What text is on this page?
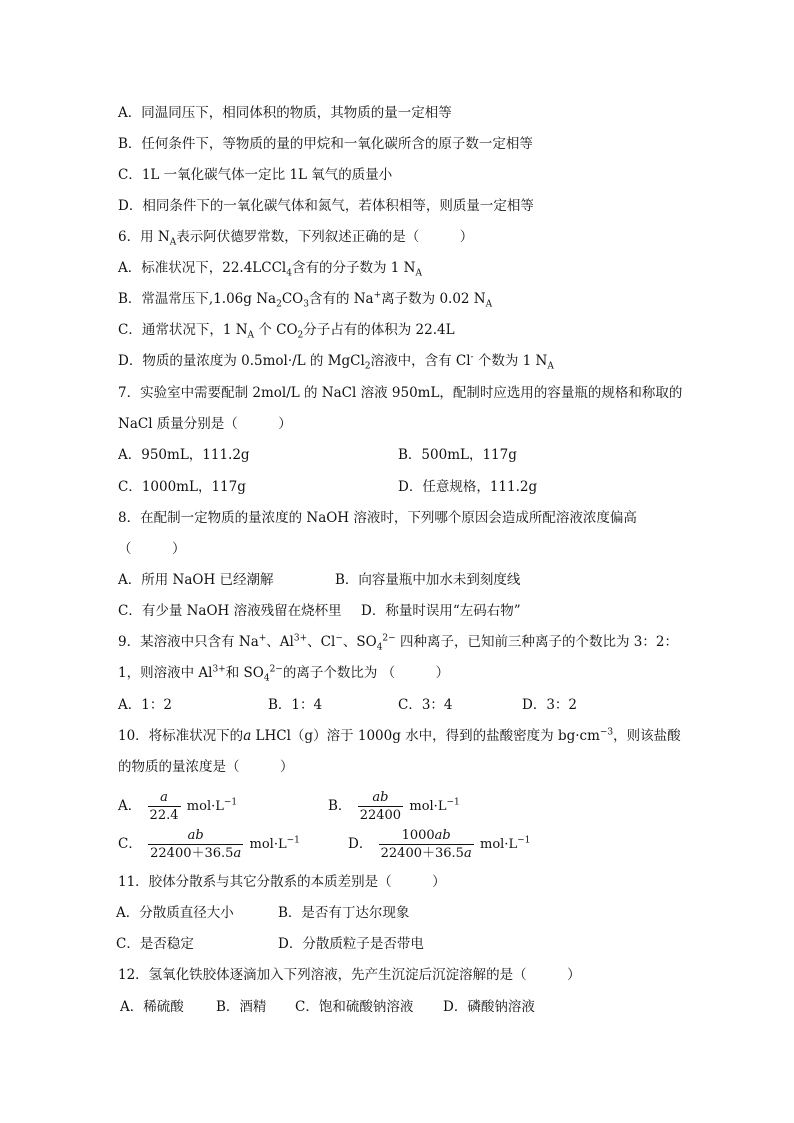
A．同温同压下，相同体积的物质，其物质的量一定相等
B．任何条件下，等物质的量的甲烷和一氧化碳所含的原子数一定相等
C．1L 一氧化碳气体一定比 1L 氧气的质量小
D．相同条件下的一氧化碳气体和氮气，若体积相等，则质量一定相等
6．用 $N_A$表示阿伏德罗常数，下列叙述正确的是（　　　）
A．标准状况下，22.4LCCl$_4$含有的分子数为 1 $N_A$
B．常温常压下,1.06g $Na_2CO_3$含有的 Na+离子数为 0.02 $N_A$
C．通常状况下，1 $N_A$ 个 $CO_2$分子占有的体积为 22.4L
D．物质的量浓度为 0.5mol·/L 的 MgCl$_2$溶液中，含有 Cl- 个数为 1 $N_A$
7．实验室中需要配制 2mol/L 的 NaCl 溶液 950mL，配制时应选用的容量瓶的规格和称取的
NaCl 质量分别是（　　　）
A．950mL，111.2g	B．500mL，117g
C．1000mL，117g	D．任意规格，111.2g
8．在配制一定物质的量浓度的 NaOH 溶液时，下列哪个原因会造成所配溶液浓度偏高
（　　　）
A．所用 NaOH 已经潮解	B．向容量瓶中加水未到刻度线
C．有少量 NaOH 溶液残留在烧杯里 D．称量时误用“左码右物”
9．某溶液中只含有 Na+、$Al^{3+}$、Cl−、$SO_4^{2-}$ 四种离子，已知前三种离子的个数比为 3：2：
1，则溶液中 $Al^{3+}$和 $SO_4^{2-}$的离子个数比为 （　　　）
A．1：2	B．1：4	C．3：4	D．3：2
10．将标准状况下的a LHCl（g）溶于 1000g 水中，得到的盐酸密度为 $bg\cdot cm^{-3}$，则该盐酸
的物质的量浓度是（　　　）
A． $\frac{a}{22.4} mol\cdot L^{-1}$	B． $\frac{ab}{22400} mol\cdot L^{-1}$
C． $\frac{ab}{22400+36.5a} mol\cdot L^{-1}$	D． $\frac{1000ab}{22400+36.5a} mol\cdot L^{-1}$
11．胶体分散系与其它分散系的本质差别是（　　　）
A．分散质直径大小	B．是否有丁达尔现象
C．是否稳定	D．分散质粒子是否带电
12．氢氧化铁胶体逐滴加入下列溶液，先产生沉淀后沉淀溶解的是（　　　）
A．稀硫酸 B．酒精 C．饱和硫酸钠溶液 D．磷酸钠溶液
